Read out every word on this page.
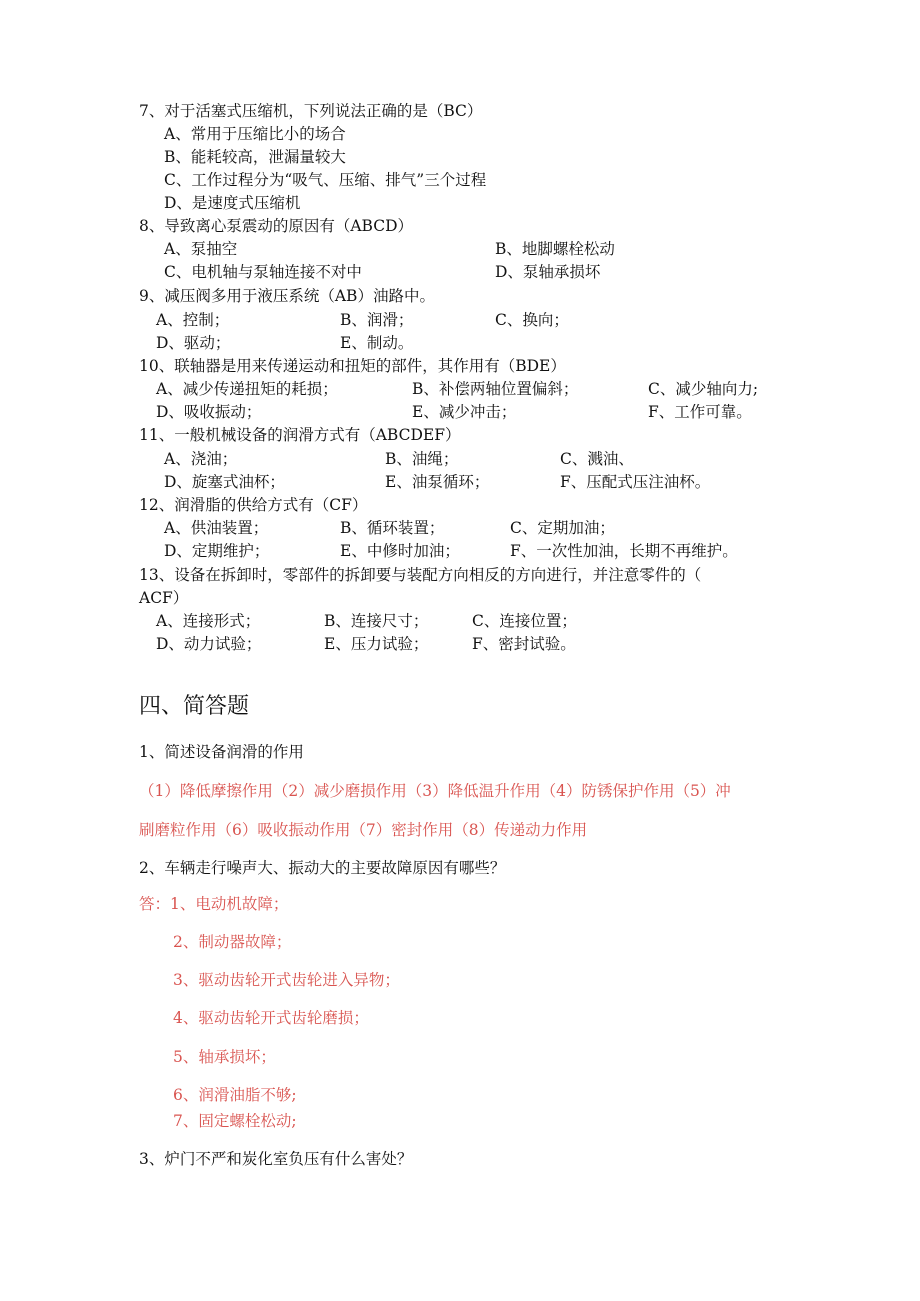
7、对于活塞式压缩机，下列说法正确的是（BC）
A、常用于压缩比小的场合
B、能耗较高，泄漏量较大
C、工作过程分为“吸气、压缩、排气”三个过程
D、是速度式压缩机
8、导致离心泵震动的原因有（ABCD）
A、泵抽空	B、地脚螺栓松动
C、电机轴与泵轴连接不对中	D、泵轴承损坏
9、减压阀多用于液压系统（AB）油路中。
A、控制；	B、润滑；	C、换向；
D、驱动；	E、制动。
10、联轴器是用来传递运动和扭矩的部件，其作用有（BDE）
A、减少传递扭矩的耗损；	B、补偿两轴位置偏斜；	C、减少轴向力;
D、吸收振动；	E、减少冲击；	F、工作可靠。
11、一般机械设备的润滑方式有（ABCDEF）
A、浇油；	B、油绳；	C、溅油、
D、旋塞式油杯；	E、油泵循环；	F、压配式压注油杯。
12、润滑脂的供给方式有（CF）
A、供油装置；	B、循环装置；	C、定期加油；
D、定期维护；	E、中修时加油；	F、一次性加油，长期不再维护。
13、设备在拆卸时，零部件的拆卸要与装配方向相反的方向进行，并注意零件的（
ACF）
A、连接形式；	B、连接尺寸；	C、连接位置；
D、动力试验；	E、压力试验；	F、密封试验。
四、简答题
1、简述设备润滑的作用
（1）降低摩擦作用（2）减少磨损作用（3）降低温升作用（4）防锈保护作用（5）冲
刷磨粒作用（6）吸收振动作用（7）密封作用（8）传递动力作用
2、车辆走行噪声大、振动大的主要故障原因有哪些？
答：1、电动机故障；
2、制动器故障；
3、驱动齿轮开式齿轮进入异物；
4、驱动齿轮开式齿轮磨损；
5、轴承损坏；
6、润滑油脂不够;
7、固定螺栓松动;
3、炉门不严和炭化室负压有什么害处？
